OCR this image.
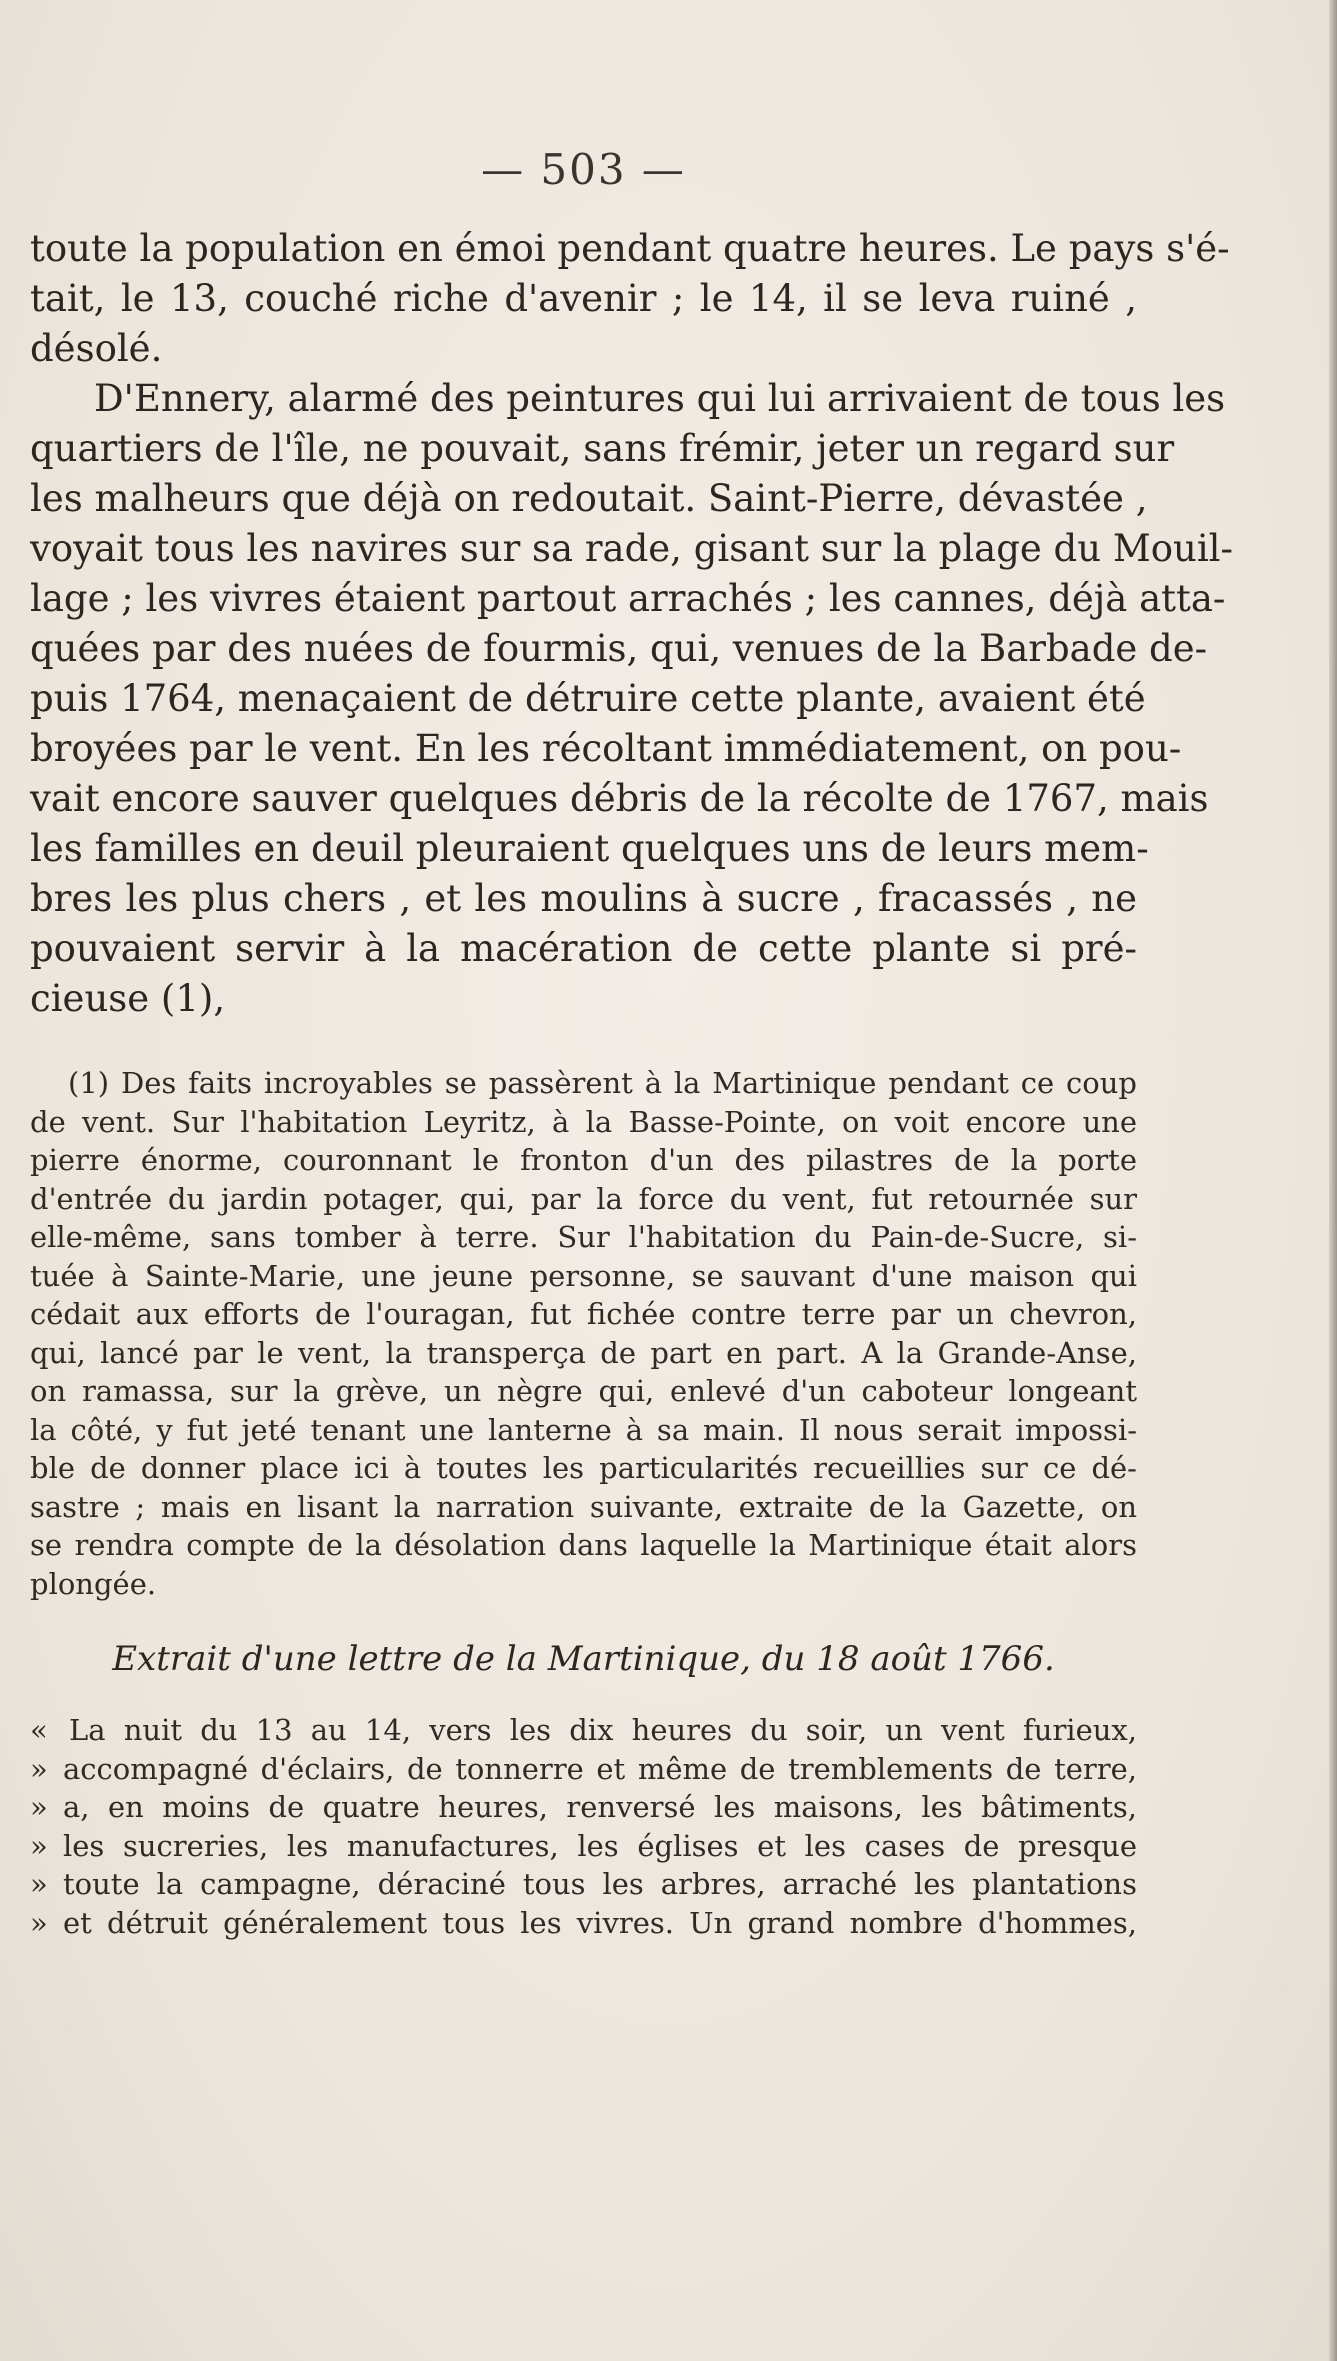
— 503 —

toute la population en émoi pendant quatre heures. Le pays s'é-

tait, le 13, couché riche d'avenir ; le 14, il se leva ruiné ,

désolé.

D'Ennery, alarmé des peintures qui lui arrivaient de tous les

quartiers de l'île, ne pouvait, sans frémir, jeter un regard sur

les malheurs que déjà on redoutait. Saint-Pierre, dévastée ,

voyait tous les navires sur sa rade, gisant sur la plage du Mouil-

lage ; les vivres étaient partout arrachés ; les cannes, déjà atta-

quées par des nuées de fourmis, qui, venues de la Barbade de-

puis 1764, menaçaient de détruire cette plante, avaient été

broyées par le vent. En les récoltant immédiatement, on pou-

vait encore sauver quelques débris de la récolte de 1767, mais

les familles en deuil pleuraient quelques uns de leurs mem-

bres les plus chers , et les moulins à sucre , fracassés , ne

pouvaient servir à la macération de cette plante si pré-

cieuse (1),

(1) Des faits incroyables se passèrent à la Martinique pendant ce coup

de vent. Sur l'habitation Leyritz, à la Basse-Pointe, on voit encore une

pierre énorme, couronnant le fronton d'un des pilastres de la porte

d'entrée du jardin potager, qui, par la force du vent, fut retournée sur

elle-même, sans tomber à terre. Sur l'habitation du Pain-de-Sucre, si-

tuée à Sainte-Marie, une jeune personne, se sauvant d'une maison qui

cédait aux efforts de l'ouragan, fut fichée contre terre par un chevron,

qui, lancé par le vent, la transperça de part en part. A la Grande-Anse,

on ramassa, sur la grève, un nègre qui, enlevé d'un caboteur longeant

la côté, y fut jeté tenant une lanterne à sa main. Il nous serait impossi-

ble de donner place ici à toutes les particularités recueillies sur ce dé-

sastre ; mais en lisant la narration suivante, extraite de la Gazette, on

se rendra compte de la désolation dans laquelle la Martinique était alors

plongée.

Extrait d'une lettre de la Martinique, du 18 août 1766.
« La nuit du 13 au 14, vers les dix heures du soir, un vent furieux,
» accompagné d'éclairs, de tonnerre et même de tremblements de terre,
» a, en moins de quatre heures, renversé les maisons, les bâtiments,
» les sucreries, les manufactures, les églises et les cases de presque
» toute la campagne, déraciné tous les arbres, arraché les plantations
» et détruit généralement tous les vivres. Un grand nombre d'hommes,
